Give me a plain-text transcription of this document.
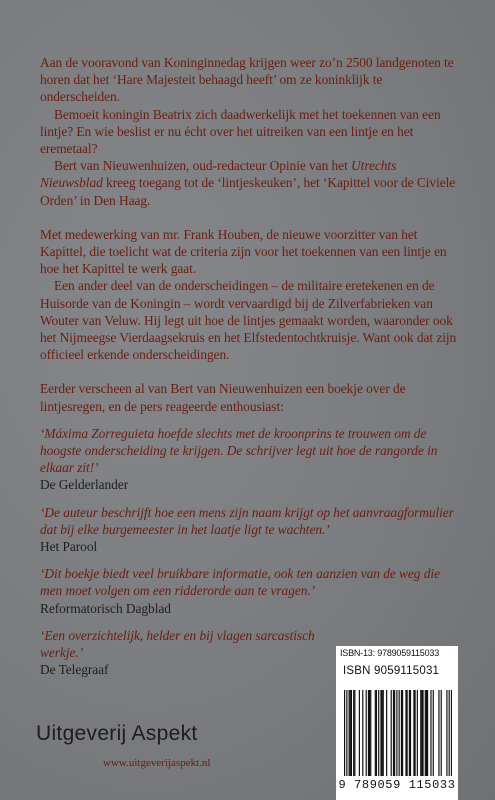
Aan de vooravond van Koninginnedag krijgen weer zo’n 2500 landgenoten te horen dat het ‘Hare Majesteit behaagd heeft’ om ze koninklijk te onderscheiden.

Bemoeit koningin Beatrix zich daadwerkelijk met het toekennen van een lintje? En wie beslist er nu écht over het uitreiken van een lintje en het eremetaal?

Bert van Nieuwenhuizen, oud-redacteur Opinie van het Utrechts Nieuwsblad kreeg toegang tot de ‘lintjeskeuken’, het ‘Kapittel voor de Civiele Orden’ in Den Haag.

Met medewerking van mr. Frank Houben, de nieuwe voorzitter van het Kapittel, die toelicht wat de criteria zijn voor het toekennen van een lintje en hoe het Kapittel te werk gaat.

Een ander deel van de onderscheidingen – de militaire eretekenen en de Huisorde van de Koningin – wordt vervaardigd bij de Zilverfabrieken van Wouter van Veluw. Hij legt uit hoe de lintjes gemaakt worden, waaronder ook het Nijmeegse Vierdaagsekruis en het Elfstedentochtkruisje. Want ook dat zijn officieel erkende onderscheidingen.

Eerder verscheen al van Bert van Nieuwenhuizen een boekje over de lintjesregen, en de pers reageerde enthousiast:

‘Máxima Zorreguieta hoefde slechts met de kroonprins te trouwen om de hoogste onderscheiding te krijgen. De schrijver legt uit hoe de rangorde in elkaar zit!’

De Gelderlander

‘De auteur beschrijft hoe een mens zijn naam krijgt op het aanvraagformulier dat bij elke burgemeester in het laatje ligt te wachten.’

Het Parool

‘Dit boekje biedt veel bruikbare informatie, ook ten aanzien van de weg die men moet volgen om een ridderorde aan te vragen.’

Reformatorisch Dagblad

‘Een overzichtelijk, helder en bij vlagen sarcastisch werkje.’

De Telegraaf

Uitgeverij Aspekt
www.uitgeverijaspekt.nl
ISBN-13: 9789059115033
ISBN 9059115031
9 789059 115033
